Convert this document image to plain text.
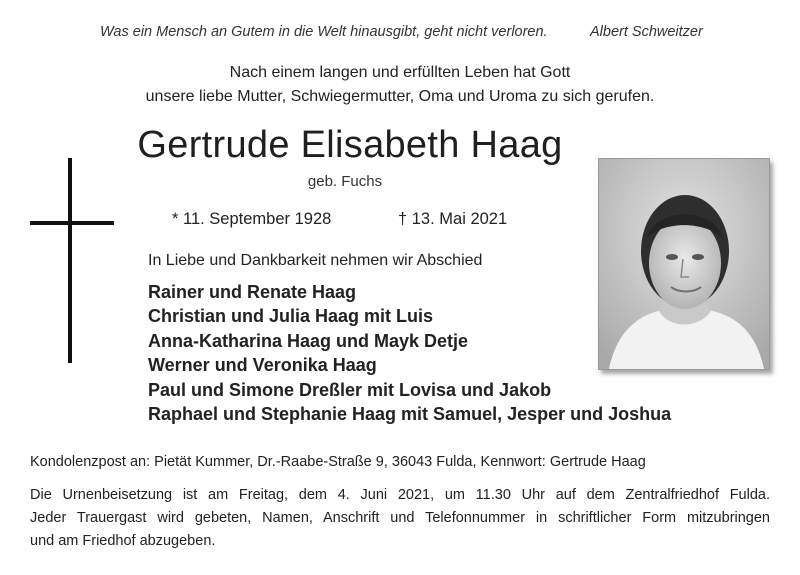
Was ein Mensch an Gutem in die Welt hinausgibt, geht nicht verloren.	Albert Schweitzer
Nach einem langen und erfüllten Leben hat Gott
unsere liebe Mutter, Schwiegermutter, Oma und Uroma zu sich gerufen.
Gertrude Elisabeth Haag
geb. Fuchs
* 11. September 1928	† 13. Mai 2021
In Liebe und Dankbarkeit nehmen wir Abschied
Rainer und Renate Haag
Christian und Julia Haag mit Luis
Anna-Katharina Haag und Mayk Detje
Werner und Veronika Haag
Paul und Simone Dreßler mit Lovisa und Jakob
Raphael und Stephanie Haag mit Samuel, Jesper und Joshua
Kondolenzpost an: Pietät Kummer, Dr.-Raabe-Straße 9, 36043 Fulda, Kennwort: Gertrude Haag
Die Urnenbeisetzung ist am Freitag, dem 4. Juni 2021, um 11.30 Uhr auf dem Zentralfriedhof Fulda.
Jeder Trauergast wird gebeten, Namen, Anschrift und Telefonnummer in schriftlicher Form mitzubringen
und am Friedhof abzugeben.
